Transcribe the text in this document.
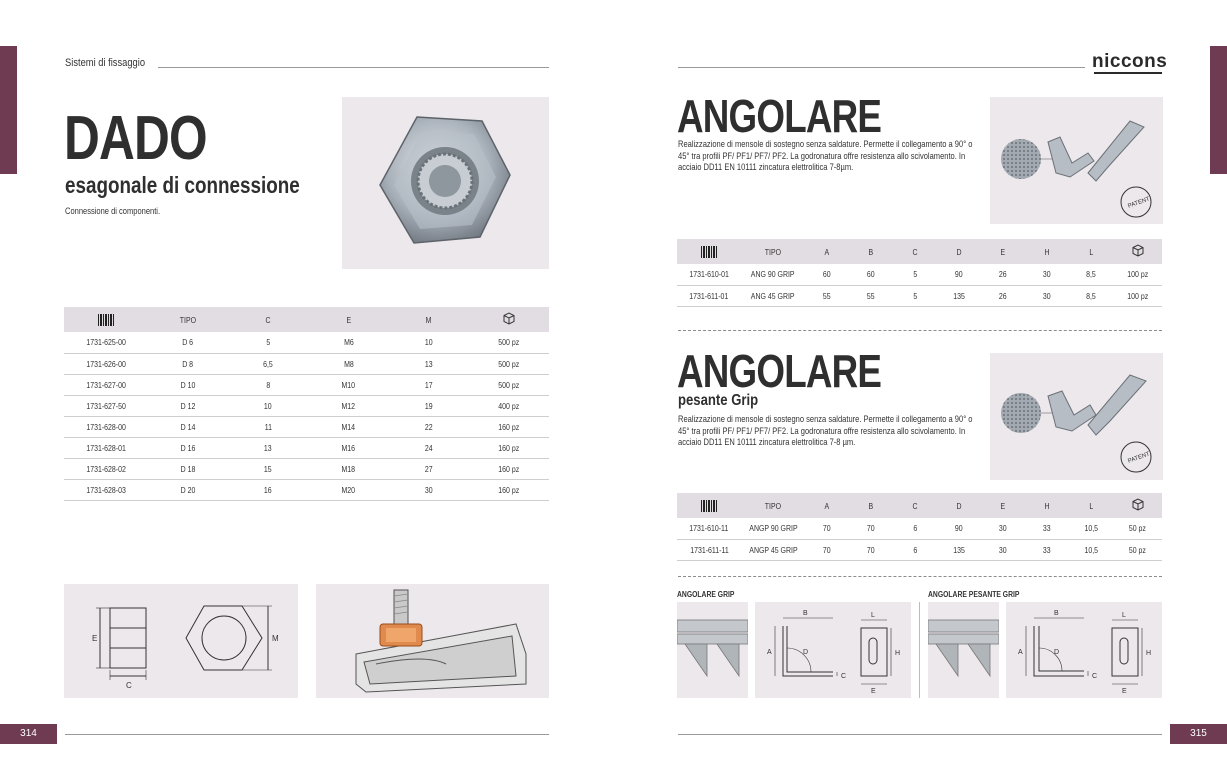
Sistemi di fissaggio
DADO
esagonale di connessione
Connessione di componenti.
	TIPO	C	E	M	
1731-625-00	D 6	5	M6	10	500 pz
1731-626-00	D 8	6,5	M8	13	500 pz
1731-627-00	D 10	8	M10	17	500 pz
1731-627-50	D 12	10	M12	19	400 pz
1731-628-00	D 14	11	M14	22	160 pz
1731-628-01	D 16	13	M16	24	160 pz
1731-628-02	D 18	15	M18	27	160 pz
1731-628-03	D 20	16	M20	30	160 pz
E
C
M
314
niccons
ANGOLARE
Realizzazione di mensole di sostegno senza saldature. Permette il collegamento a 90° o 45° tra profili PF/ PF1/ PF7/ PF2. La godronatura offre resistenza allo scivolamento. In acciaio DD11 EN 10111 zincatura elettrolitica 7-8µm.
PATENT
	TIPO	A	B	C	D	E	H	L	
1731-610-01	ANG 90 GRIP	60	60	5	90	26	30	8,5	100 pz
1731-611-01	ANG 45 GRIP	55	55	5	135	26	30	8,5	100 pz
ANGOLARE
pesante Grip
Realizzazione di mensole di sostegno senza saldature. Permette il collegamento a 90° o 45° tra profili PF/ PF1/ PF7/ PF2. La godronatura offre resistenza allo scivolamento. In acciaio DD11 EN 10111 zincatura elettrolitica 7-8 µm.
PATENT
	TIPO	A	B	C	D	E	H	L	
1731-610-11	ANGP 90 GRIP	70	70	6	90	30	33	10,5	50 pz
1731-611-11	ANGP 45 GRIP	70	70	6	135	30	33	10,5	50 pz
ANGOLARE GRIP	ANGOLARE PESANTE GRIP
A
B
C
D
E
H
L
A
B
C
D
E
H
L
315
